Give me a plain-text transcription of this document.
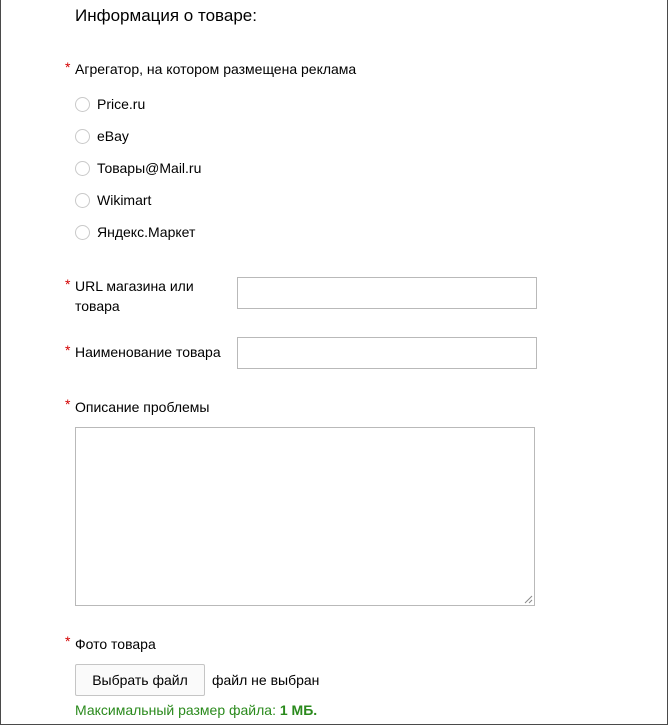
Информация о товаре:
* Агрегатор, на котором размещена реклама
Price.ru
eBay
Товары@Mail.ru
Wikimart
Яндекс.Маркет
* URL магазина или
товара
* Наименование товара
* Описание проблемы
* Фото товара
Выбрать файл	файл не выбран
Максимальный размер файла: 1 МБ.
